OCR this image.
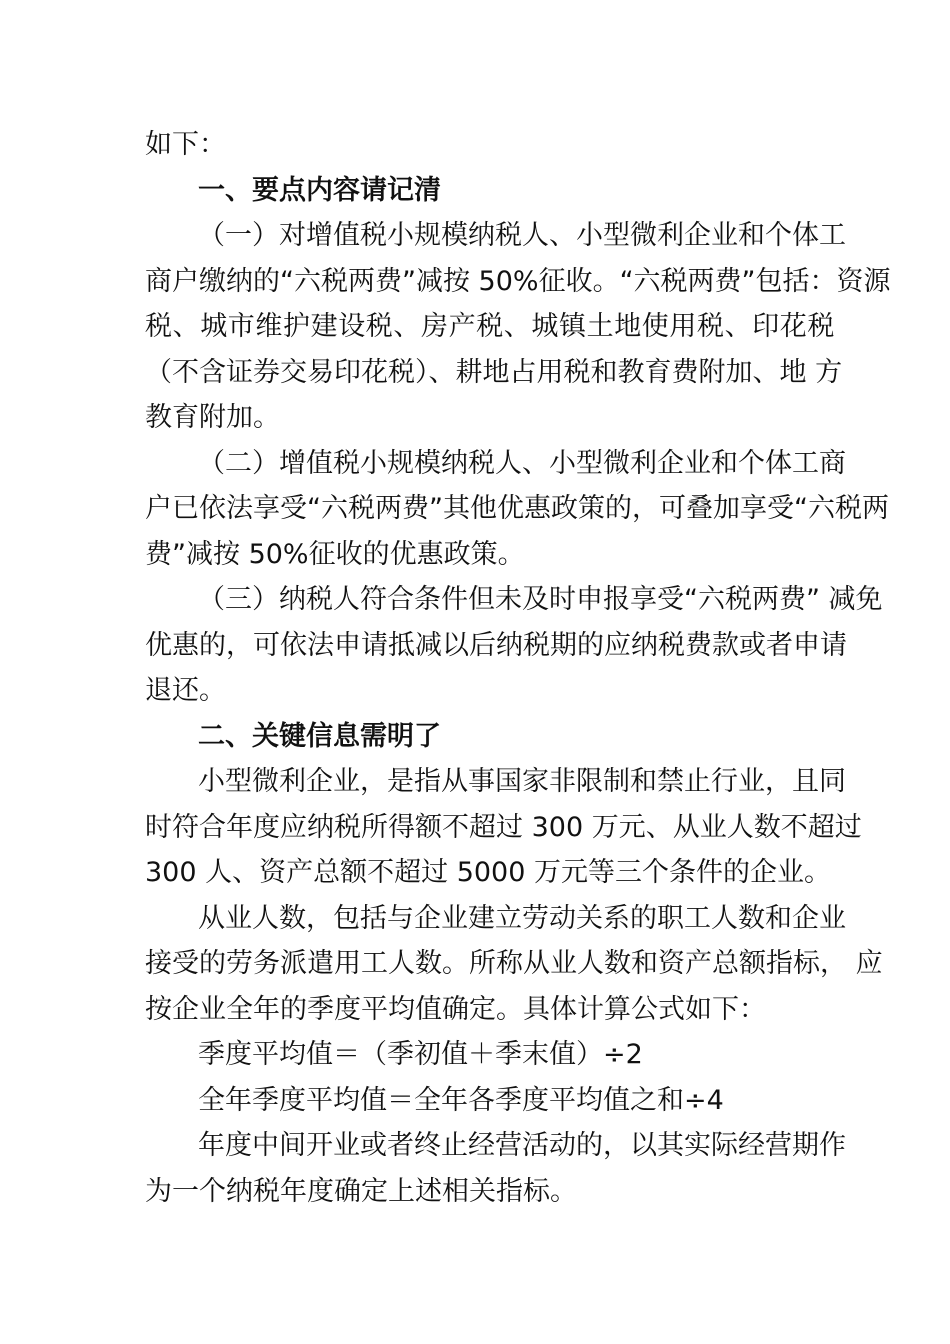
如下：
一、要点内容请记清
（一）对增值税小规模纳税人、小型微利企业和个体工
商户缴纳的“六税两费”减按 50%征收。“六税两费”包括：资源
税、城市维护建设税、房产税、城镇土地使用税、印花税
（不含证券交易印花税）、耕地占用税和教育费附加、地 方
教育附加。
（二）增值税小规模纳税人、小型微利企业和个体工商
户已依法享受“六税两费”其他优惠政策的，可叠加享受“六税两
费”减按 50%征收的优惠政策。
（三）纳税人符合条件但未及时申报享受“六税两费” 减免
优惠的，可依法申请抵减以后纳税期的应纳税费款或者申请
退还。
二、关键信息需明了
小型微利企业，是指从事国家非限制和禁止行业，且同
时符合年度应纳税所得额不超过 300 万元、从业人数不超过
300 人、资产总额不超过 5000 万元等三个条件的企业。
从业人数，包括与企业建立劳动关系的职工人数和企业
接受的劳务派遣用工人数。所称从业人数和资产总额指标， 应
按企业全年的季度平均值确定。具体计算公式如下：
季度平均值＝（季初值＋季末值）÷2
全年季度平均值＝全年各季度平均值之和÷4
年度中间开业或者终止经营活动的，以其实际经营期作
为一个纳税年度确定上述相关指标。
